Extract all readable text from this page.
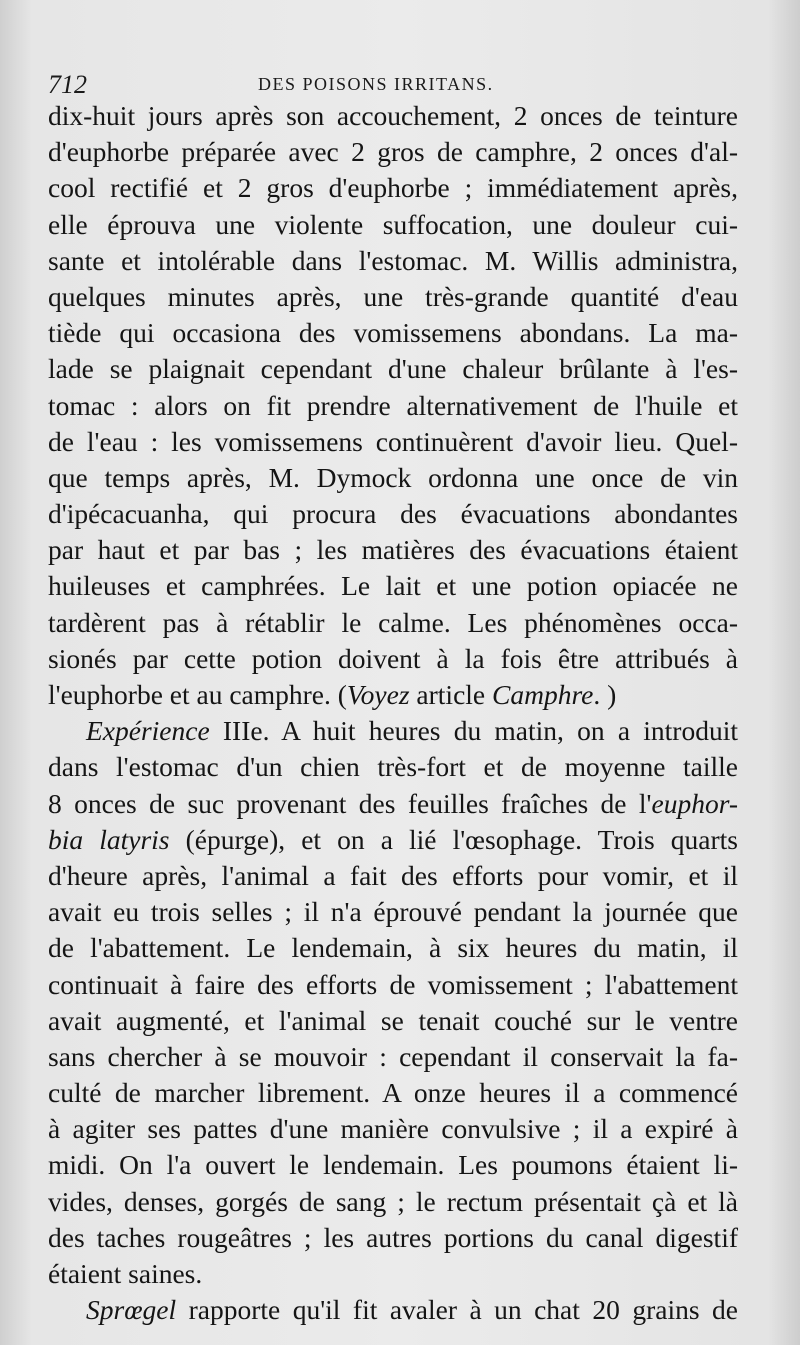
712	DES POISONS IRRITANS.
dix-huit jours après son accouchement, 2 onces de teinture
d'euphorbe préparée avec 2 gros de camphre, 2 onces d'al-
cool rectifié et 2 gros d'euphorbe ; immédiatement après,
elle éprouva une violente suffocation, une douleur cui-
sante et intolérable dans l'estomac. M. Willis administra,
quelques minutes après, une très-grande quantité d'eau
tiède qui occasiona des vomissemens abondans. La ma-
lade se plaignait cependant d'une chaleur brûlante à l'es-
tomac : alors on fit prendre alternativement de l'huile et
de l'eau : les vomissemens continuèrent d'avoir lieu. Quel-
que temps après, M. Dymock ordonna une once de vin
d'ipécacuanha, qui procura des évacuations abondantes
par haut et par bas ; les matières des évacuations étaient
huileuses et camphrées. Le lait et une potion opiacée ne
tardèrent pas à rétablir le calme. Les phénomènes occa-
sionés par cette potion doivent à la fois être attribués à
l'euphorbe et au camphre. (Voyez article Camphre. )
Expérience IIIe. A huit heures du matin, on a introduit
dans l'estomac d'un chien très-fort et de moyenne taille
8 onces de suc provenant des feuilles fraîches de l'euphor-
bia latyris (épurge), et on a lié l'œsophage. Trois quarts
d'heure après, l'animal a fait des efforts pour vomir, et il
avait eu trois selles ; il n'a éprouvé pendant la journée que
de l'abattement. Le lendemain, à six heures du matin, il
continuait à faire des efforts de vomissement ; l'abattement
avait augmenté, et l'animal se tenait couché sur le ventre
sans chercher à se mouvoir : cependant il conservait la fa-
culté de marcher librement. A onze heures il a commencé
à agiter ses pattes d'une manière convulsive ; il a expiré à
midi. On l'a ouvert le lendemain. Les poumons étaient li-
vides, denses, gorgés de sang ; le rectum présentait çà et là
des taches rougeâtres ; les autres portions du canal digestif
étaient saines.
Sprœgel rapporte qu'il fit avaler à un chat 20 grains de
